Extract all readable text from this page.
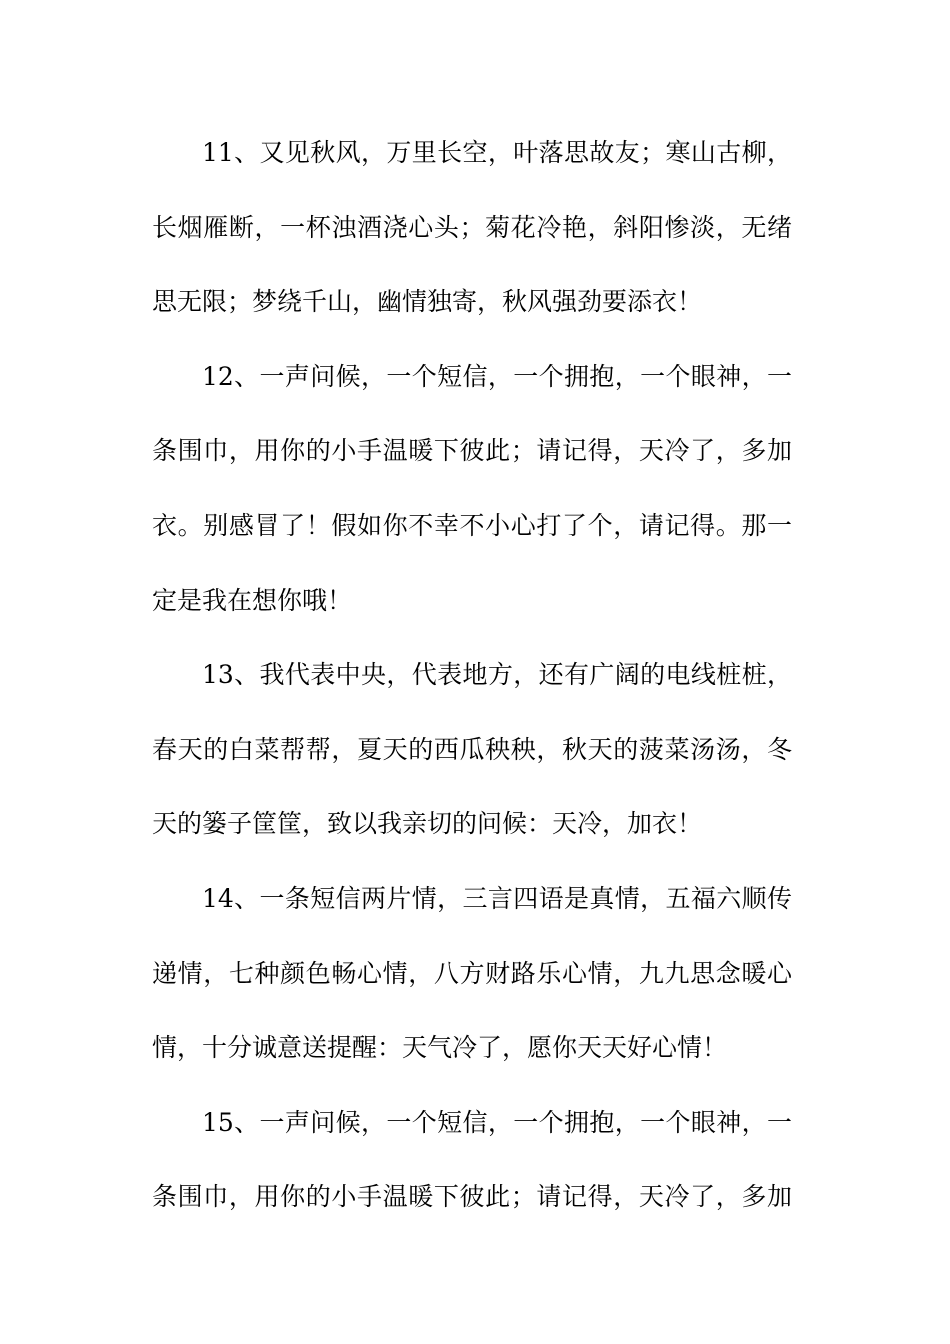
11、又见秋风，万里长空，叶落思故友；寒山古柳，
长烟雁断，一杯浊酒浇心头；菊花冷艳，斜阳惨淡，无绪
思无限；梦绕千山，幽情独寄，秋风强劲要添衣！
12、一声问候，一个短信，一个拥抱，一个眼神，一
条围巾，用你的小手温暖下彼此；请记得，天冷了，多加
衣。别感冒了！假如你不幸不小心打了个，请记得。那一
定是我在想你哦！
13、我代表中央，代表地方，还有广阔的电线桩桩，
春天的白菜帮帮，夏天的西瓜秧秧，秋天的菠菜汤汤，冬
天的篓子筐筐，致以我亲切的问候：天冷，加衣！
14、一条短信两片情，三言四语是真情，五福六顺传
递情，七种颜色畅心情，八方财路乐心情，九九思念暖心
情，十分诚意送提醒：天气冷了，愿你天天好心情！
15、一声问候，一个短信，一个拥抱，一个眼神，一
条围巾，用你的小手温暖下彼此；请记得，天冷了，多加
